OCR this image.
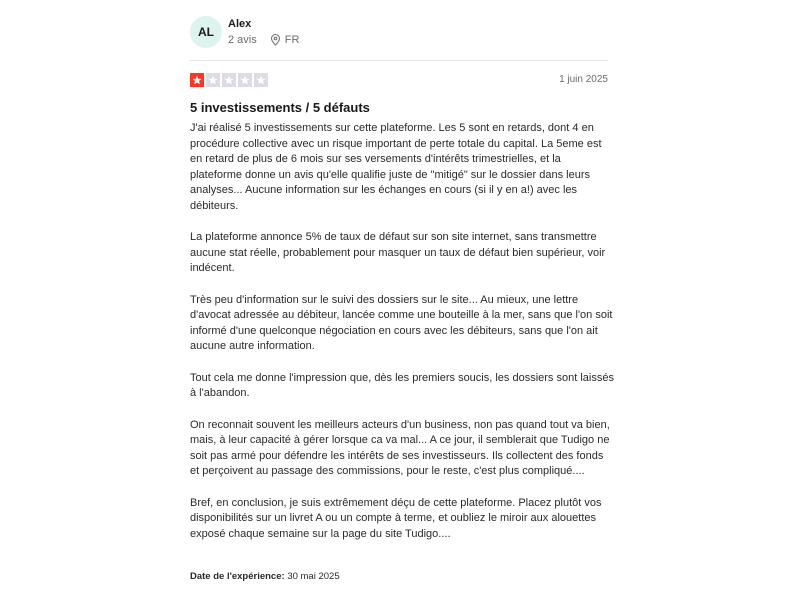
AL
Alex
2 avis	FR
1 juin 2025
5 investissements / 5 défauts

J'ai réalisé 5 investissements sur cette plateforme. Les 5 sont en retards, dont 4 en procédure collective avec un risque important de perte totale du capital. La 5eme est en retard de plus de 6 mois sur ses versements d'intérêts trimestrielles, et la plateforme donne un avis qu'elle qualifie juste de "mitigé" sur le dossier dans leurs analyses... Aucune information sur les échanges en cours (si il y en a!) avec les débiteurs.

La plateforme annonce 5% de taux de défaut sur son site internet, sans transmettre aucune stat réelle, probablement pour masquer un taux de défaut bien supérieur, voir indécent.

Très peu d'information sur le suivi des dossiers sur le site... Au mieux, une lettre d'avocat adressée au débiteur, lancée comme une bouteille à la mer, sans que l'on soit informé d'une quelconque négociation en cours avec les débiteurs, sans que l'on ait aucune autre information.

Tout cela me donne l'impression que, dès les premiers soucis, les dossiers sont laissés à l'abandon.

On reconnait souvent les meilleurs acteurs d'un business, non pas quand tout va bien, mais, à leur capacité à gérer lorsque ca va mal... A ce jour, il semblerait que Tudigo ne soit pas armé pour défendre les intérêts de ses investisseurs. Ils collectent des fonds et perçoivent au passage des commissions, pour le reste, c'est plus compliqué....

Bref, en conclusion, je suis extrêmement déçu de cette plateforme. Placez plutôt vos disponibilités sur un livret A ou un compte à terme, et oubliez le miroir aux alouettes exposé chaque semaine sur la page du site Tudigo....

Date de l'expérience: 30 mai 2025
